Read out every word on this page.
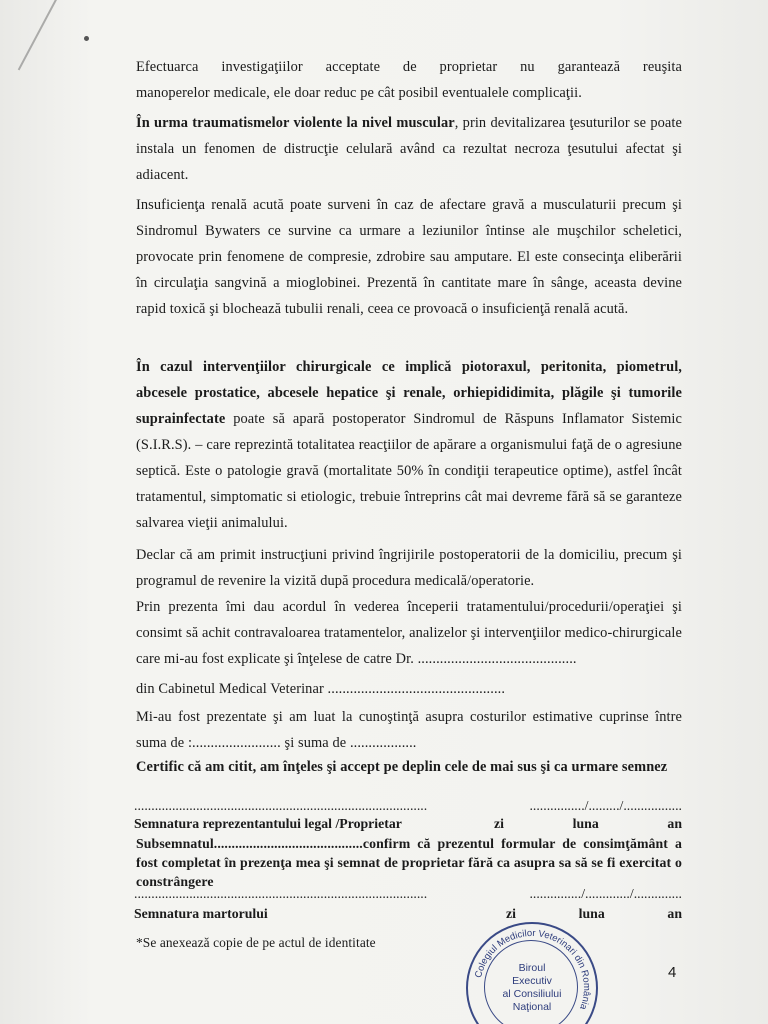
Efectuarca investigaţiilor acceptate de proprietar nu garantează reuşita

manoperelor medicale, ele doar reduc pe cât posibil eventualele complicaţii.

În urma traumatismelor violente la nivel muscular, prin devitalizarea ţesuturilor se poate instala un fenomen de distrucţie celulară având ca rezultat necroza ţesutului afectat şi adiacent.

Insuficienţa renală acută poate surveni în caz de afectare gravă a musculaturii precum şi Sindromul Bywaters ce survine ca urmare a leziunilor întinse ale muşchilor scheletici, provocate prin fenomene de compresie, zdrobire sau amputare. El este consecinţa eliberării în circulaţia sangvină a mioglobinei. Prezentă în cantitate mare în sânge, aceasta devine rapid toxică şi blochează tubulii renali, ceea ce provoacă o insuficienţă renală acută.

În cazul intervenţiilor chirurgicale ce implică piotoraxul, peritonita, piometrul, abcesele prostatice, abcesele hepatice şi renale, orhiepididimita, plăgile şi tumorile suprainfectate poate să apară postoperator Sindromul de Răspuns Inflamator Sistemic (S.I.R.S). – care reprezintă totalitatea reacţiilor de apărare a organismului faţă de o agresiune septică. Este o patologie gravă (mortalitate 50% în condiţii terapeutice optime), astfel încât tratamentul, simptomatic si etiologic, trebuie întreprins cât mai devreme fără să se garanteze salvarea vieţii animalului.

Declar că am primit instrucţiuni privind îngrijirile postoperatorii de la domiciliu, precum şi programul de revenire la vizită după procedura medicală/operatorie.

Prin prezenta îmi dau acordul în vederea începerii tratamentului/procedurii/operaţiei şi consimt să achit contravaloarea tratamentelor, analizelor şi intervenţiilor medico-chirurgicale care mi-au fost explicate şi înţelese de catre Dr. ...........................................

din Cabinetul Medical Veterinar ................................................

Mi-au fost prezentate şi am luat la cunoştinţă asupra costurilor estimative cuprinse între suma de :........................ şi suma de ..................

Certific că am citit, am înţeles şi accept pe deplin cele de mai sus şi ca urmare semnez

.....................................................................................	................/........./.................
Semnatura reprezentantului legal /Proprietar	zi	luna	an

Subsemnatul..........................................confirm că prezentul formular de consimţământ a fost completat în prezenţa mea şi semnat de proprietar fără ca asupra sa să se fi exercitat o constrângere

.....................................................................................	.............../............./..............
Semnatura martorului	zi	luna	an

*Se anexează copie de pe actul de identitate

Colegiul Medicilor Veterinari din România
Biroul
Executiv
al Consiliului
Naţional
4
